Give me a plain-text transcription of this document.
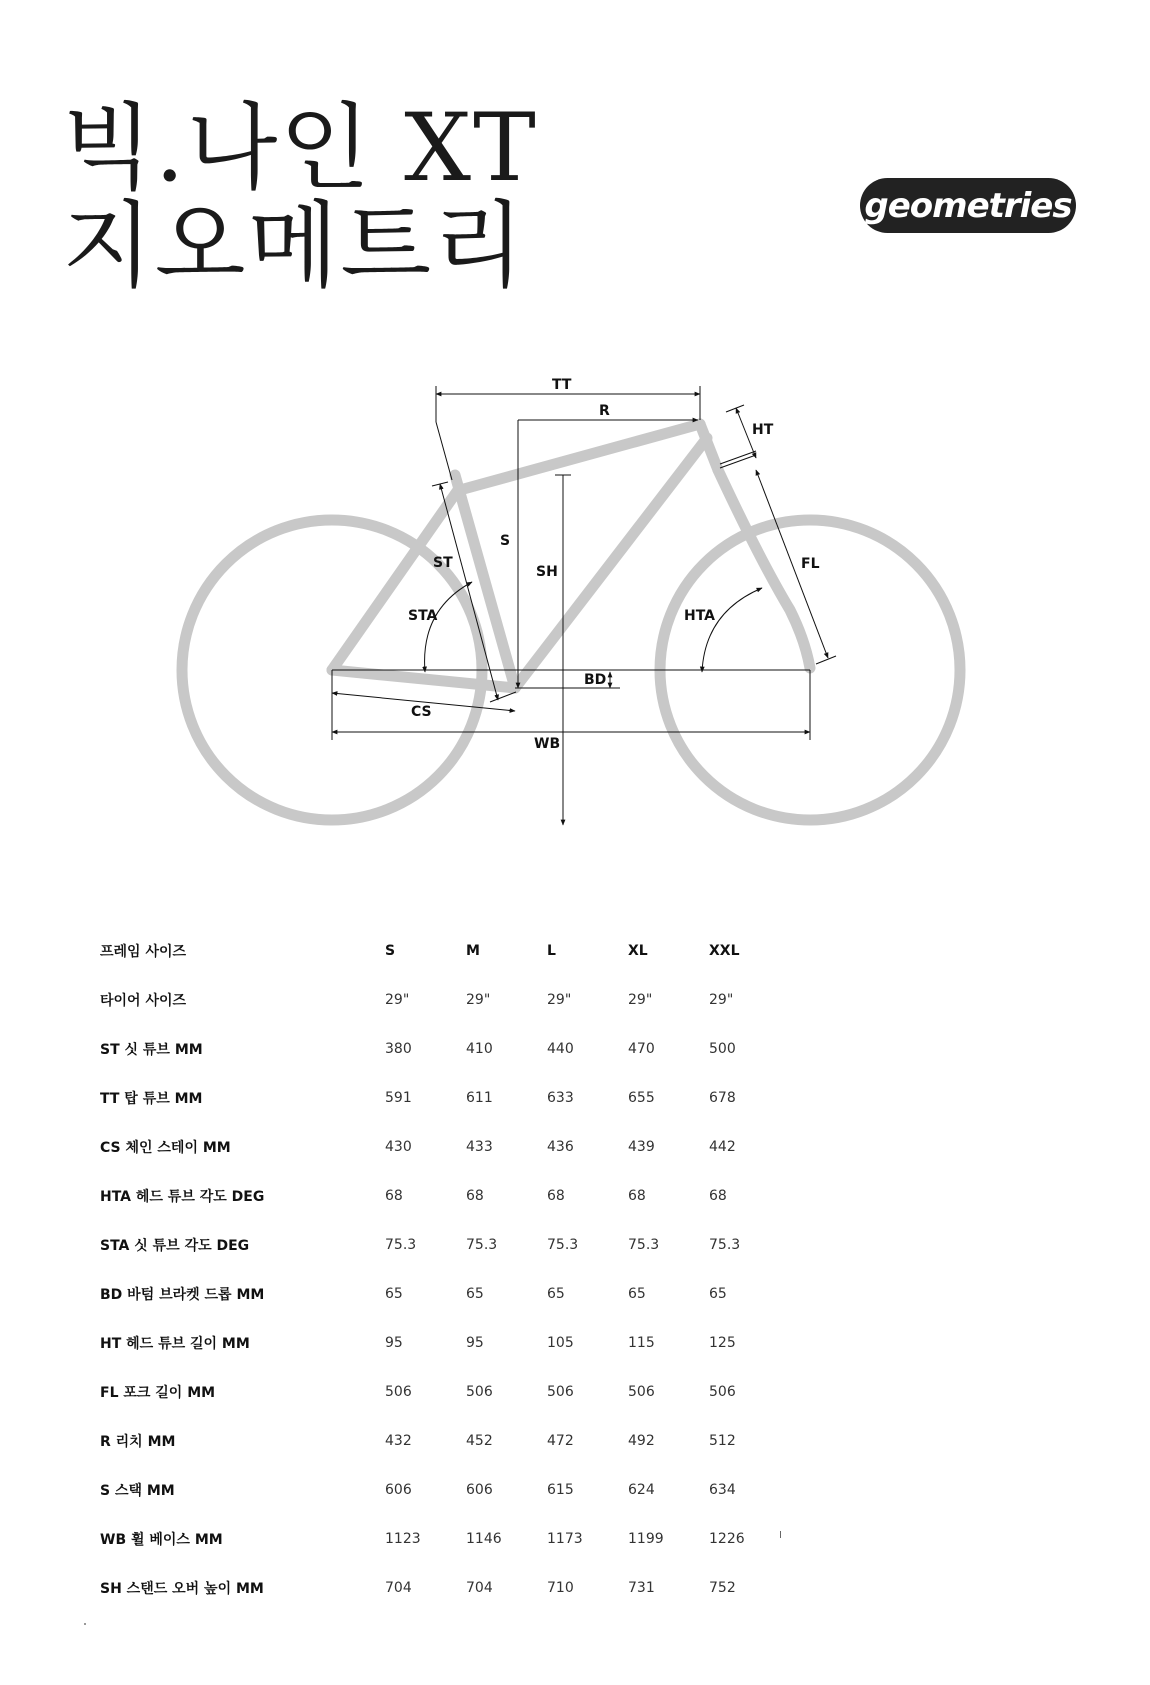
빅.나인 XT
지오메트리	geometries
TT
R
HT
S
ST
SH
STA	HTA
FL
BD
CS
WB
프레임 사이즈	S	M	L	XL	XXL
타이어 사이즈	29"	29"	29"	29"	29"
ST 싯 튜브 MM	380	410	440	470	500
TT 탑 튜브 MM	591	611	633	655	678
CS 체인 스테이 MM	430	433	436	439	442
HTA 헤드 튜브 각도 DEG	68	68	68	68	68
STA 싯 튜브 각도 DEG	75.3	75.3	75.3	75.3	75.3
BD 바텀 브라켓 드롭 MM	65	65	65	65	65
HT 헤드 튜브 길이 MM	95	95	105	115	125
FL 포크 길이 MM	506	506	506	506	506
R 리치 MM	432	452	472	492	512
S 스택 MM	606	606	615	624	634
WB 휠 베이스 MM	1123	1146	1173	1199	1226
SH 스탠드 오버 높이 MM	704	704	710	731	752
